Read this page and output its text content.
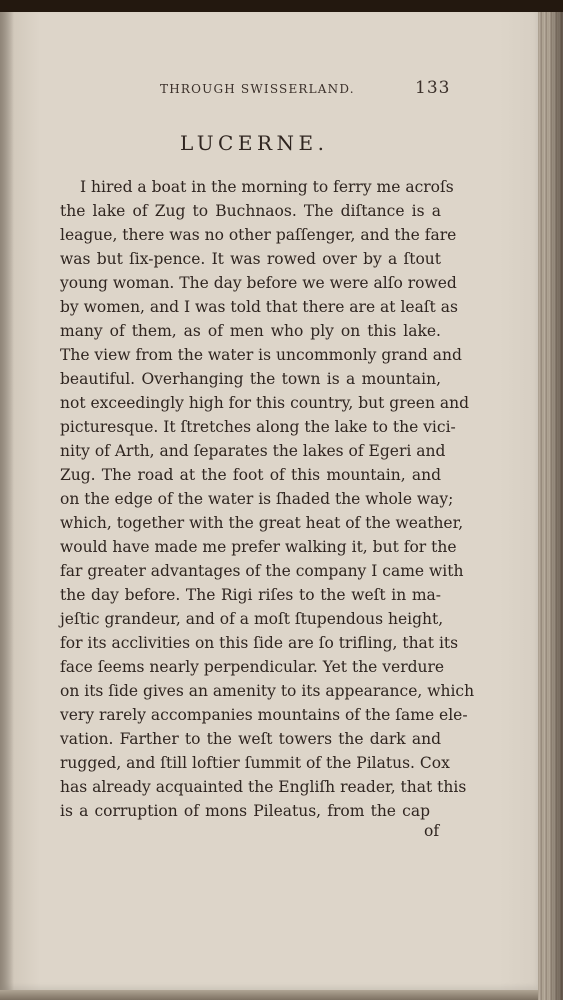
THROUGH SWISSERLAND.	133
LUCERNE.
I hired a boat in the morning to ferry me acroſs
the lake of Zug to Buchnaos. The diſtance is a
league, there was no other paſſenger, and the fare
was but ſix-pence. It was rowed over by a ſtout
young woman. The day before we were alſo rowed
by women, and I was told that there are at leaſt as
many of them, as of men who ply on this lake.
The view from the water is uncommonly grand and
beautiful. Overhanging the town is a mountain,
not exceedingly high for this country, but green and
picturesque. It ſtretches along the lake to the vici-
nity of Arth, and ſeparates the lakes of Egeri and
Zug. The road at the foot of this mountain, and
on the edge of the water is ſhaded the whole way;
which, together with the great heat of the weather,
would have made me prefer walking it, but for the
far greater advantages of the company I came with
the day before. The Rigi riſes to the weſt in ma-
jeſtic grandeur, and of a moſt ſtupendous height,
for its acclivities on this ſide are ſo trifling, that its
face ſeems nearly perpendicular. Yet the verdure
on its ſide gives an amenity to its appearance, which
very rarely accompanies mountains of the ſame ele-
vation. Farther to the weſt towers the dark and
rugged, and ſtill loftier ſummit of the Pilatus. Cox
has already acquainted the Engliſh reader, that this
is a corruption of mons Pileatus, from the cap
of
